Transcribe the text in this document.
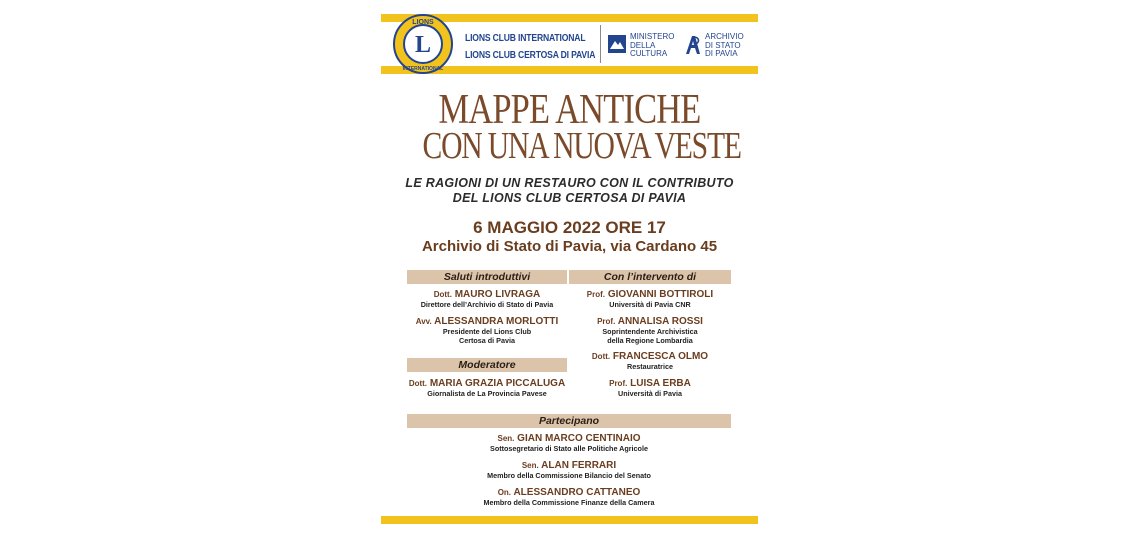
L
LIONS
INTERNATIONAL
LIONS CLUB INTERNATIONAL
LIONS CLUB CERTOSA DI PAVIA
MINISTERO
DELLA
CULTURA
ARCHIVIO
DI STATO
DI PAVIA
MAPPE ANTICHE
CON UNA NUOVA VESTE
LE RAGIONI DI UN RESTAURO CON IL CONTRIBUTO
DEL LIONS CLUB CERTOSA DI PAVIA
6 MAGGIO 2022 ORE 17
Archivio di Stato di Pavia, via Cardano 45
Saluti introduttivi	Con l’intervento di
Dott. MAURO LIVRAGA
Direttore dell’Archivio di Stato di Pavia
Avv. ALESSANDRA MORLOTTI
Presidente del Lions Club
Certosa di Pavia
Moderatore
Dott. MARIA GRAZIA PICCALUGA
Giornalista de La Provincia Pavese
Prof. GIOVANNI BOTTIROLI
Università di Pavia CNR
Prof. ANNALISA ROSSI
Soprintendente Archivistica
della Regione Lombardia
Dott. FRANCESCA OLMO
Restauratrice
Prof. LUISA ERBA
Università di Pavia
Partecipano
Sen. GIAN MARCO CENTINAIO
Sottosegretario di Stato alle Politiche Agricole
Sen. ALAN FERRARI
Membro della Commissione Bilancio del Senato
On. ALESSANDRO CATTANEO
Membro della Commissione Finanze della Camera
